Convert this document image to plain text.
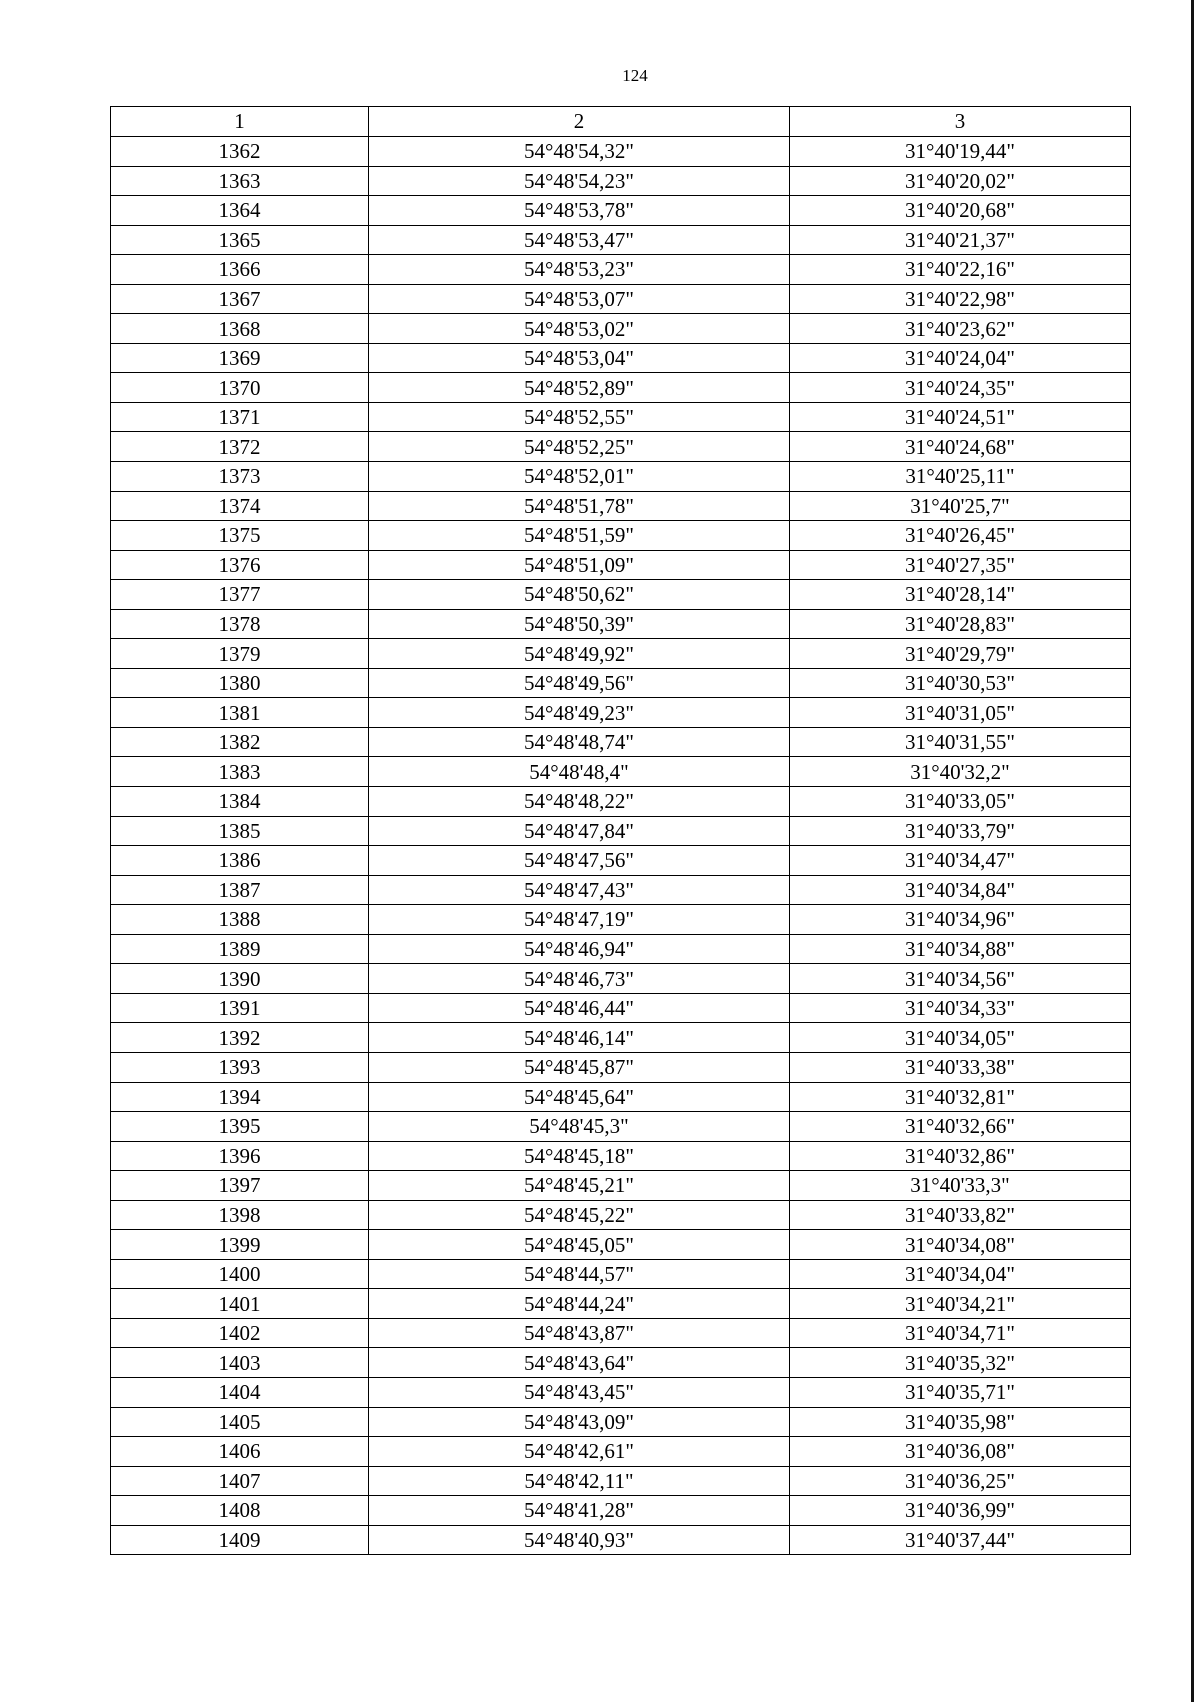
124
1	2	3
1362	54°48'54,32"	31°40'19,44"
1363	54°48'54,23"	31°40'20,02"
1364	54°48'53,78"	31°40'20,68"
1365	54°48'53,47"	31°40'21,37"
1366	54°48'53,23"	31°40'22,16"
1367	54°48'53,07"	31°40'22,98"
1368	54°48'53,02"	31°40'23,62"
1369	54°48'53,04"	31°40'24,04"
1370	54°48'52,89"	31°40'24,35"
1371	54°48'52,55"	31°40'24,51"
1372	54°48'52,25"	31°40'24,68"
1373	54°48'52,01"	31°40'25,11"
1374	54°48'51,78"	31°40'25,7"
1375	54°48'51,59"	31°40'26,45"
1376	54°48'51,09"	31°40'27,35"
1377	54°48'50,62"	31°40'28,14"
1378	54°48'50,39"	31°40'28,83"
1379	54°48'49,92"	31°40'29,79"
1380	54°48'49,56"	31°40'30,53"
1381	54°48'49,23"	31°40'31,05"
1382	54°48'48,74"	31°40'31,55"
1383	54°48'48,4"	31°40'32,2"
1384	54°48'48,22"	31°40'33,05"
1385	54°48'47,84"	31°40'33,79"
1386	54°48'47,56"	31°40'34,47"
1387	54°48'47,43"	31°40'34,84"
1388	54°48'47,19"	31°40'34,96"
1389	54°48'46,94"	31°40'34,88"
1390	54°48'46,73"	31°40'34,56"
1391	54°48'46,44"	31°40'34,33"
1392	54°48'46,14"	31°40'34,05"
1393	54°48'45,87"	31°40'33,38"
1394	54°48'45,64"	31°40'32,81"
1395	54°48'45,3"	31°40'32,66"
1396	54°48'45,18"	31°40'32,86"
1397	54°48'45,21"	31°40'33,3"
1398	54°48'45,22"	31°40'33,82"
1399	54°48'45,05"	31°40'34,08"
1400	54°48'44,57"	31°40'34,04"
1401	54°48'44,24"	31°40'34,21"
1402	54°48'43,87"	31°40'34,71"
1403	54°48'43,64"	31°40'35,32"
1404	54°48'43,45"	31°40'35,71"
1405	54°48'43,09"	31°40'35,98"
1406	54°48'42,61"	31°40'36,08"
1407	54°48'42,11"	31°40'36,25"
1408	54°48'41,28"	31°40'36,99"
1409	54°48'40,93"	31°40'37,44"
